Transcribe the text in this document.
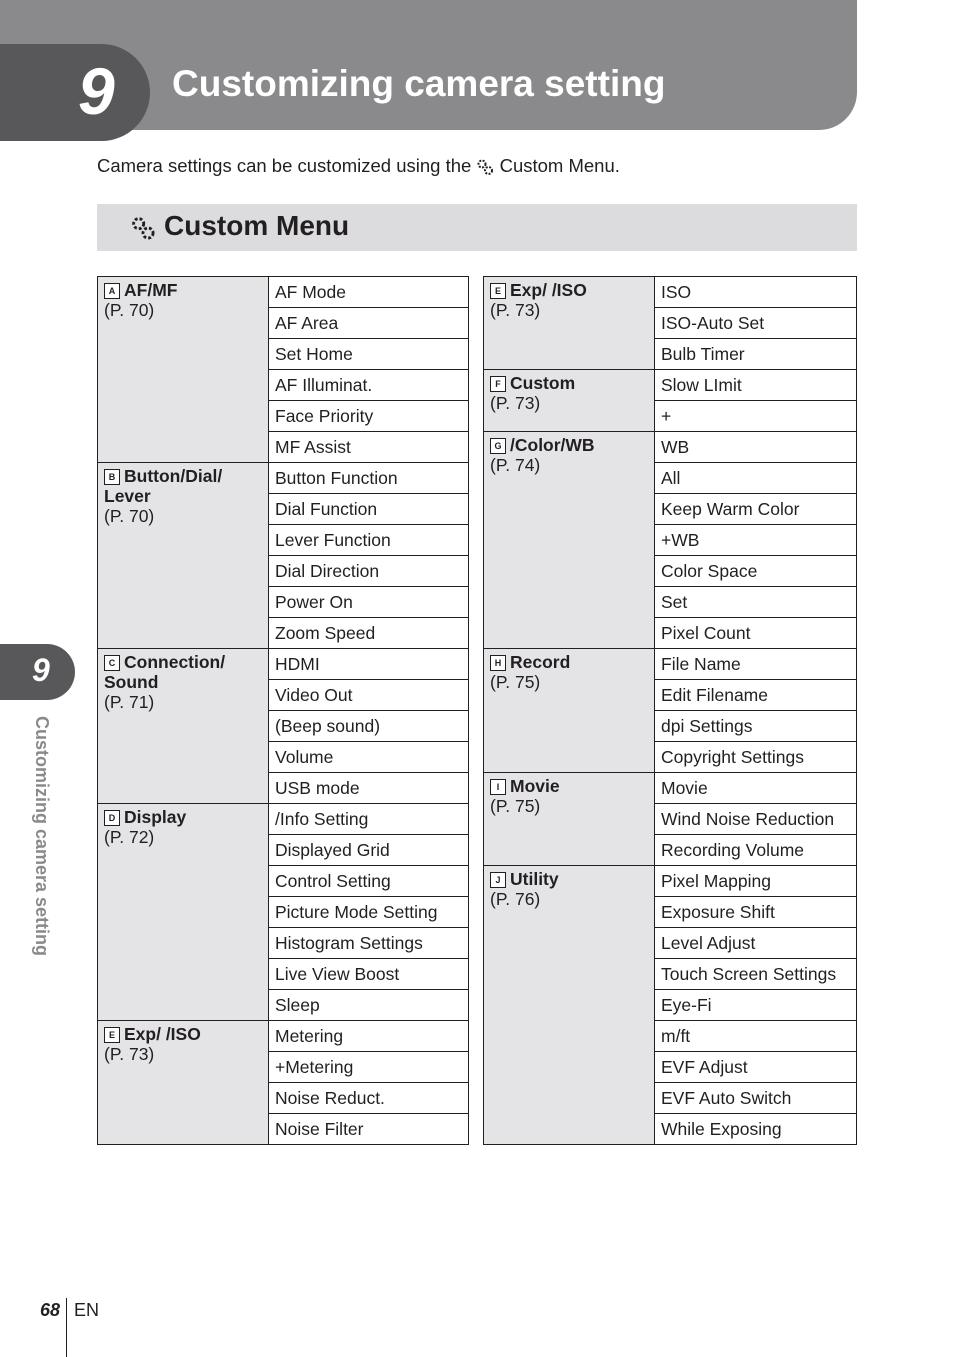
9 Customizing camera setting
Camera settings can be customized using the Custom Menu.
Custom Menu
A AF/MF
(P. 70)	AF Mode
	AF Area
	Set Home
	AF Illuminat.
	Face Priority
	MF Assist
B Button/Dial/ Lever
(P. 70)	Button Function
	Dial Function
	Lever Function
	Dial Direction
	Power On
	Zoom Speed
C Connection/ Sound
(P. 71)	HDMI
	Video Out
	(Beep sound)
	Volume
	USB mode
D Display
(P. 72)	/Info Setting
	Displayed Grid
	Control Setting
	Picture Mode Setting
	Histogram Settings
	Live View Boost
	Sleep
E Exp/ /ISO
(P. 73)	Metering
	+Metering
	Noise Reduct.
	Noise Filter
E Exp/ /ISO
(P. 73)	ISO
	ISO-Auto Set
	Bulb Timer
F Custom
(P. 73)	Slow LImit
	+
G /Color/WB
(P. 74)	WB
	All
	Keep Warm Color
	+WB
	Color Space
	Set
	Pixel Count
H Record
(P. 75)	File Name
	Edit Filename
	dpi Settings
	Copyright Settings
I Movie
(P. 75)	Movie
	Wind Noise Reduction
	Recording Volume
J Utility
(P. 76)	Pixel Mapping
	Exposure Shift
	Level Adjust
	Touch Screen Settings
	Eye-Fi
	m/ft
	EVF Adjust
	EVF Auto Switch
	While Exposing
9
Customizing camera setting
68 EN
